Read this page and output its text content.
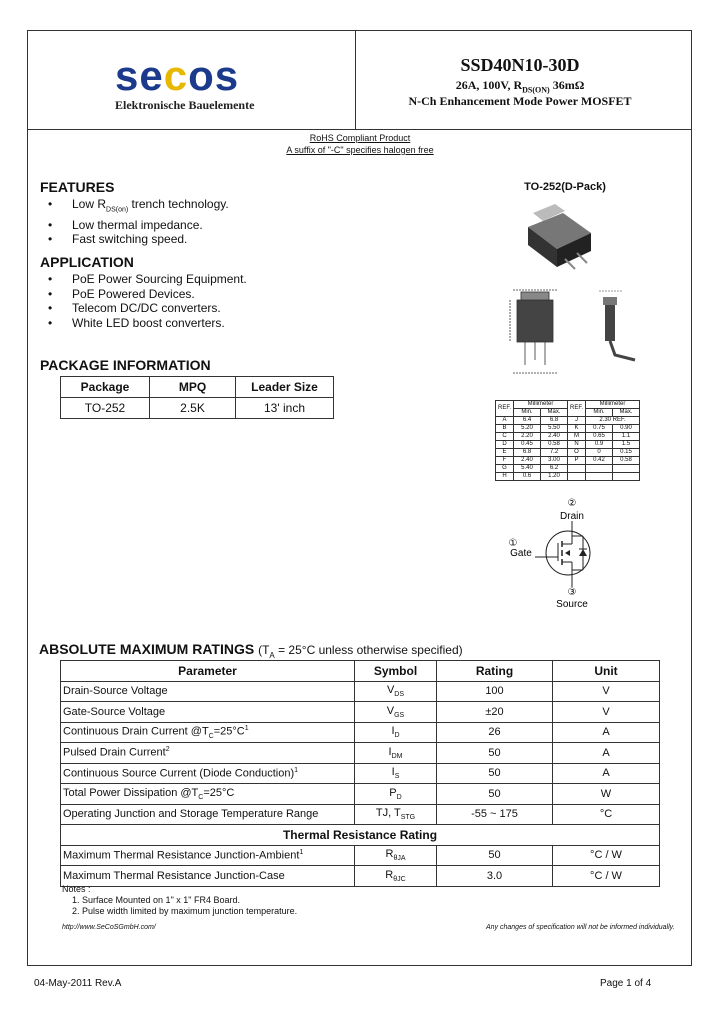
secos
Elektronische Bauelemente
SSD40N10-30D
26A, 100V, $R_{DS(ON)}$ 36mΩ
N-Ch Enhancement Mode Power MOSFET
RoHS Compliant Product
A suffix of "-C" specifies halogen free
FEATURES
• Low $R_{DS(on)}$ trench technology.
• Low thermal impedance.
• Fast switching speed.
APPLICATION
• PoE Power Sourcing Equipment.
• PoE Powered Devices.
• Telecom DC/DC converters.
• White LED boost converters.
PACKAGE INFORMATION
Package	MPQ	Leader Size
TO-252	2.5K	13' inch
TO-252(D-Pack)
REF.	Millimeter		REF.	Millimeter	
	Min.	Max.		Min.	Max.
A	6.4	6.8	J	2.30 REF.	
B	5.20	5.50	K	0.75	0.90
C	2.20	2.40	M	0.65	1.1
D	0.45	0.58	N	0.9	1.5
E	6.8	7.2	O	0	0.15
F	2.40	3.00	P	0.42	0.58
G	5.40	6.2			
H	0.6	1.20			
②
Drain
①
Gate
③
Source
ABSOLUTE MAXIMUM RATINGS ($T_A = 25^\circ C$ unless otherwise specified)
Parameter	Symbol	Rating	Unit
Drain-Source Voltage	$V_{DS}$	100	V
Gate-Source Voltage	$V_{GS}$	±20	V
Continuous Drain Current $@T_C=25^\circ C^1$	$I_D$	26	A
Pulsed Drain Current$^2$	$I_{DM}$	50	A
Continuous Source Current (Diode Conduction)$^1$	$I_S$	50	A
Total Power Dissipation $@T_C=25^\circ C$	$P_D$	50	W
Operating Junction and Storage Temperature Range	TJ, $T_{STG}$	-55 ~ 175	°C
Thermal Resistance Rating			
Maximum Thermal Resistance Junction-Ambient$^1$	$R_{\theta JA}$	50	°C / W
Maximum Thermal Resistance Junction-Case	$R_{\theta JC}$	3.0	°C / W
Notes :
1. Surface Mounted on 1" x 1" FR4 Board.
2. Pulse width limited by maximum junction temperature.
http://www.SeCoSGmbH.com/	Any changes of specification will not be informed individually.
04-May-2011 Rev.A	Page 1 of 4
